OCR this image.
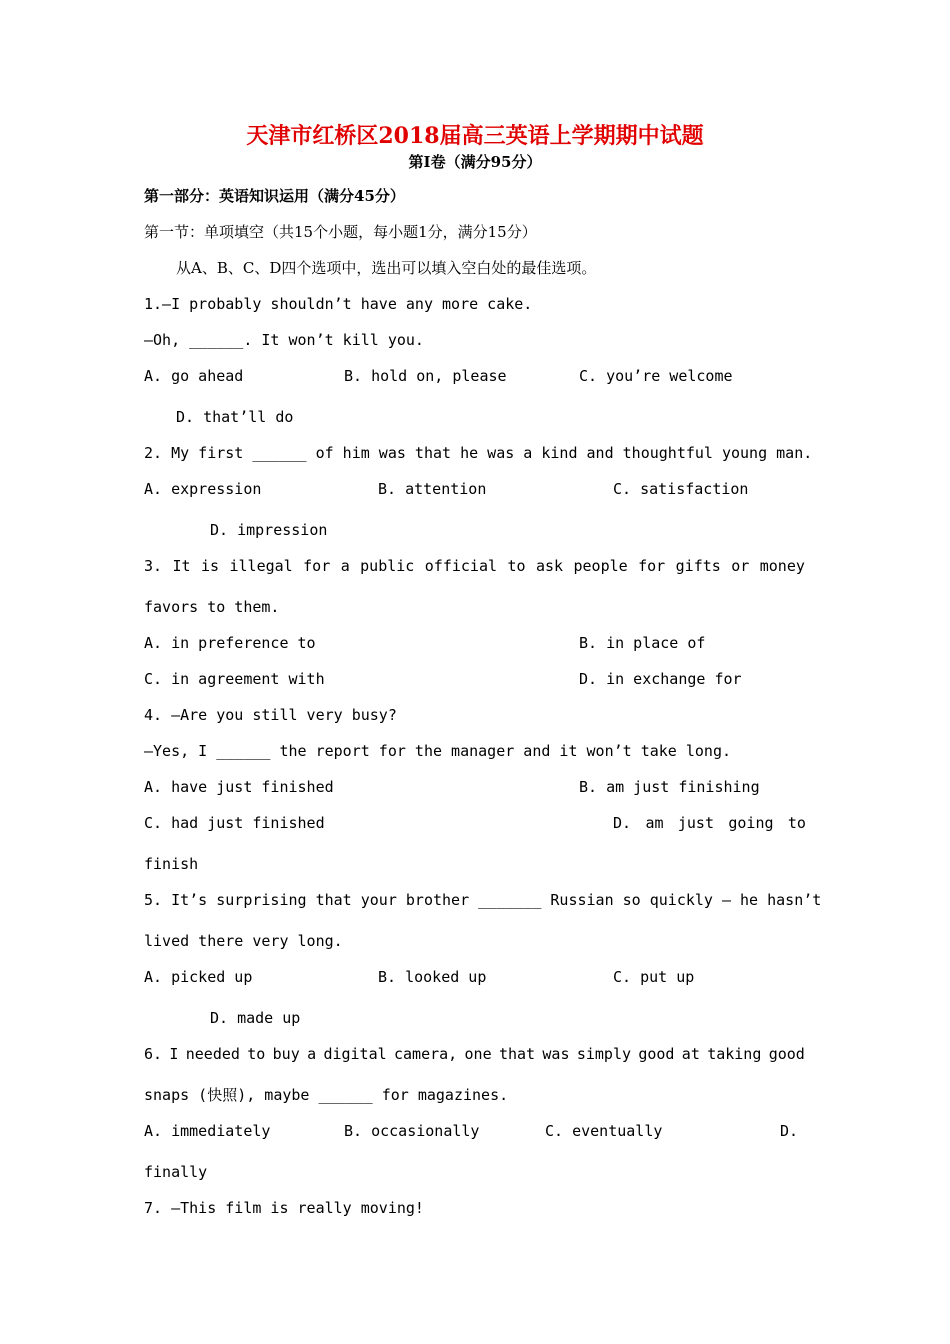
天津市红桥区2018届高三英语上学期期中试题
第Ⅰ卷（满分95分）
第一部分：英语知识运用（满分45分）
第一节：单项填空（共15个小题，每小题1分，满分15分）
从A、B、C、D四个选项中，选出可以填入空白处的最佳选项。
1.—I probably shouldn’t have any more cake.
—Oh, ______. It won’t kill you.
A. go ahead	B. hold on, please	C. you’re welcome
D. that’ll do
2. My first ______ of him was that he was a kind and thoughtful young man.
A. expression	B. attention	C. satisfaction
D. impression
3. It is illegal for a public official to ask people for gifts or money
favors to them.
A. in preference to	B. in place of
C. in agreement with	D. in exchange for
4. —Are you still very busy?
—Yes, I ______ the report for the manager and it won’t take long.
A. have just finished	B. am just finishing
C. had just finished	D. am just going to
finish
5. It’s surprising that your brother _______ Russian so quickly — he hasn’t
lived there very long.
A. picked up	B. looked up	C. put up
D. made up
6. I needed to buy a digital camera, one that was simply good at taking good
snaps (快照), maybe ______ for magazines.
A. immediately	B. occasionally	C. eventually	D.
finally
7. —This film is really moving!
